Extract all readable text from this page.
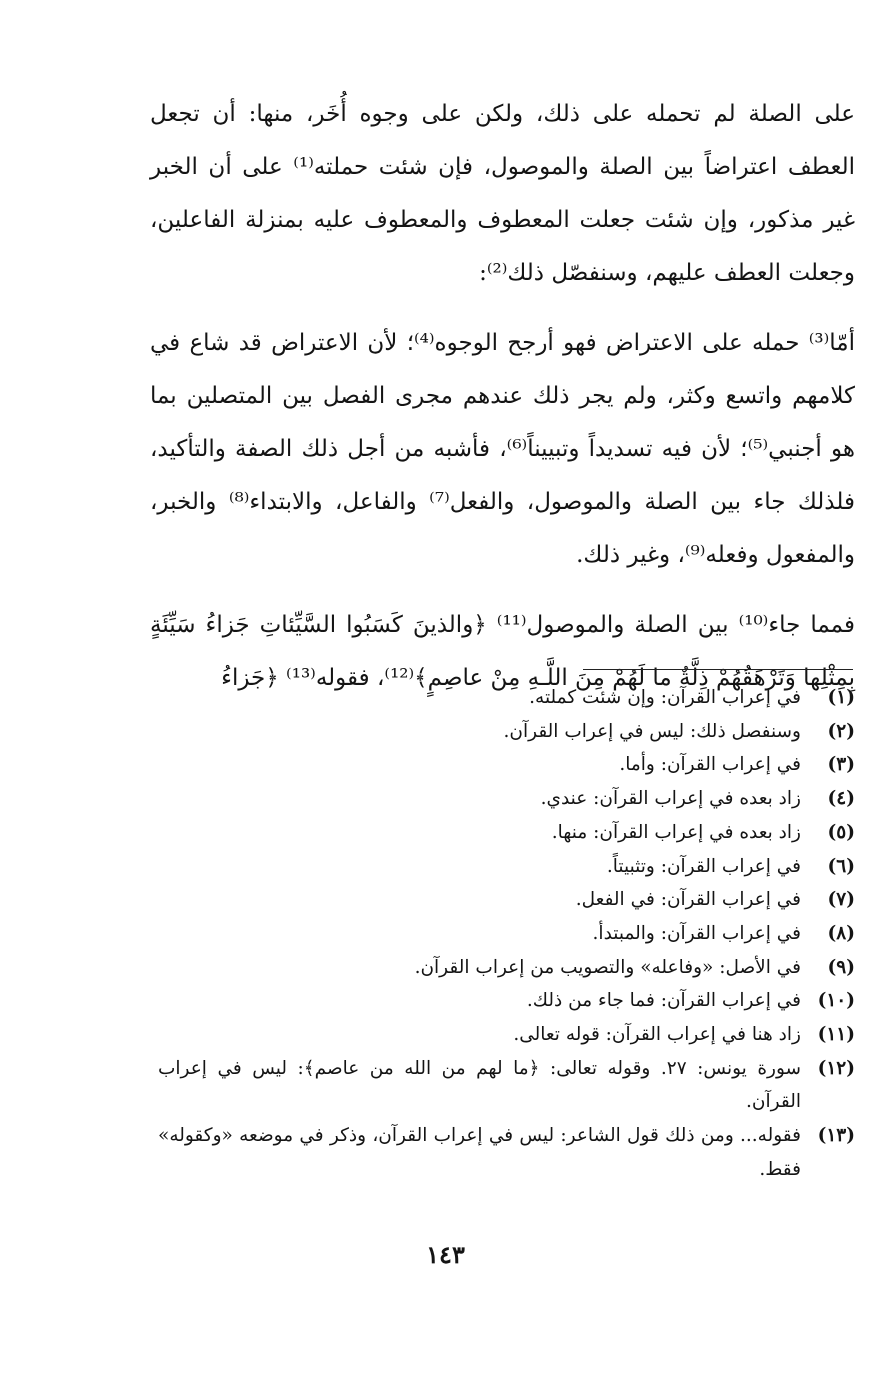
على الصلة لم تحمله على ذلك، ولكن على وجوه أُخَر، منها: أن تجعل العطف اعتراضاً بين الصلة والموصول، فإن شئت حملته⁽¹⁾ على أن الخبر غير مذكور، وإن شئت جعلت المعطوف والمعطوف عليه بمنزلة الفاعلين، وجعلت العطف عليهم، وسنفصّل ذلك⁽²⁾:

أمّا⁽³⁾ حمله على الاعتراض فهو أرجح الوجوه⁽⁴⁾؛ لأن الاعتراض قد شاع في كلامهم واتسع وكثر، ولم يجر ذلك عندهم مجرى الفصل بين المتصلين بما هو أجنبي⁽⁵⁾؛ لأن فيه تسديداً وتبييناً⁽⁶⁾، فأشبه من أجل ذلك الصفة والتأكيد، فلذلك جاء بين الصلة والموصول، والفعل⁽⁷⁾ والفاعل، والابتداء⁽⁸⁾ والخبر، والمفعول وفعله⁽⁹⁾، وغير ذلك.

فمما جاء⁽¹⁰⁾ بين الصلة والموصول⁽¹¹⁾ ﴿والذينَ كَسَبُوا السَّيِّئاتِ جَزاءُ سَيِّئَةٍ بِمِثْلِها وَتَرْهَقُهُمْ ذِلَّةٌ ما لَهُمْ مِنَ اللَّـهِ مِنْ عاصِمٍ﴾⁽¹²⁾، فقوله⁽¹³⁾ ﴿جَزاءُ

(١)
في إعراب القرآن: وإن شئت كملته.
(٢)
وسنفصل ذلك: ليس في إعراب القرآن.
(٣)
في إعراب القرآن: وأما.
(٤)
زاد بعده في إعراب القرآن: عندي.
(٥)
زاد بعده في إعراب القرآن: منها.
(٦)
في إعراب القرآن: وتثبيتاً.
(٧)
في إعراب القرآن: في الفعل.
(٨)
في إعراب القرآن: والمبتدأ.
(٩)
في الأصل: «وفاعله» والتصويب من إعراب القرآن.
(١٠)
في إعراب القرآن: فما جاء من ذلك.
(١١)
زاد هنا في إعراب القرآن: قوله تعالى.
(١٢)
سورة يونس: ٢٧. وقوله تعالى: ﴿ما لهم من الله من عاصم﴾: ليس في إعراب القرآن.
(١٣)
فقوله... ومن ذلك قول الشاعر: ليس في إعراب القرآن، وذكر في موضعه «وكقوله» فقط.
١٤٣
